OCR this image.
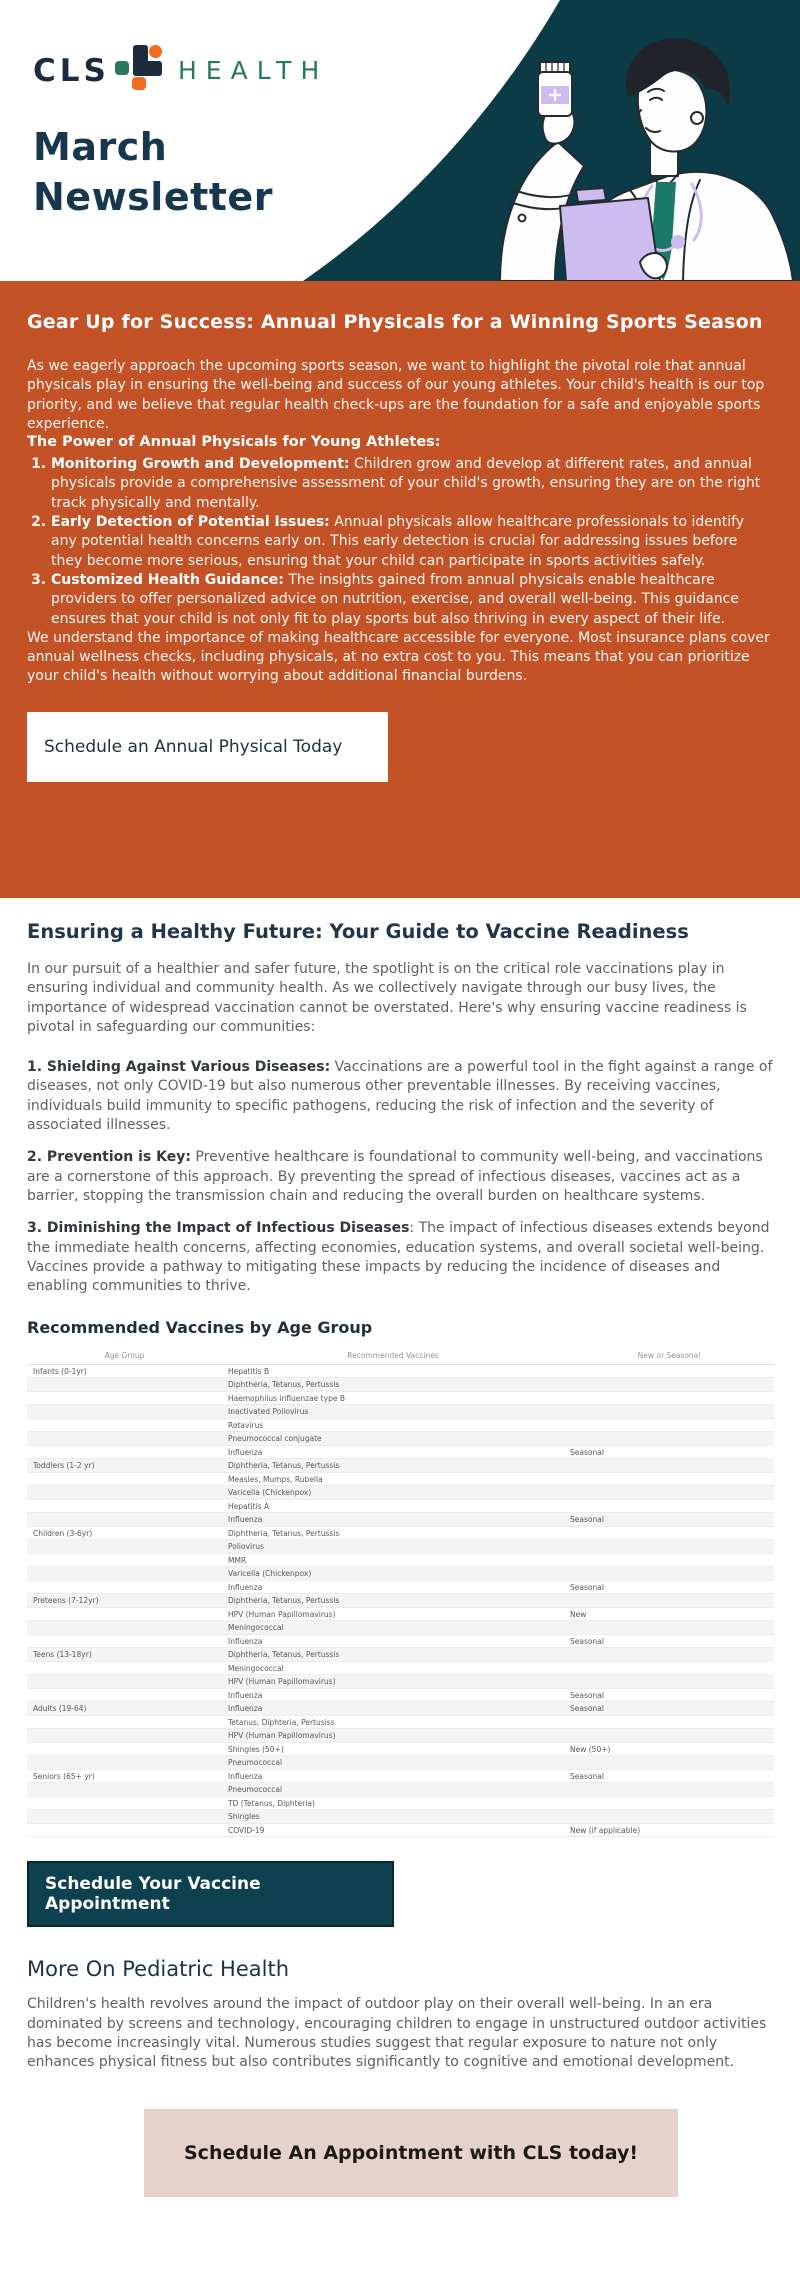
CLS	HEALTH
March
Newsletter
Gear Up for Success: Annual Physicals for a Winning Sports Season

As we eagerly approach the upcoming sports season, we want to highlight the pivotal role that annual physicals play in ensuring the well-being and success of our young athletes. Your child's health is our top priority, and we believe that regular health check-ups are the foundation for a safe and enjoyable sports experience.

The Power of Annual Physicals for Young Athletes:
1. Monitoring Growth and Development: Children grow and develop at different rates, and annual physicals provide a comprehensive assessment of your child's growth, ensuring they are on the right track physically and mentally.
2. Early Detection of Potential Issues: Annual physicals allow healthcare professionals to identify any potential health concerns early on. This early detection is crucial for addressing issues before they become more serious, ensuring that your child can participate in sports activities safely.
3. Customized Health Guidance: The insights gained from annual physicals enable healthcare providers to offer personalized advice on nutrition, exercise, and overall well-being. This guidance ensures that your child is not only fit to play sports but also thriving in every aspect of their life.

We understand the importance of making healthcare accessible for everyone. Most insurance plans cover annual wellness checks, including physicals, at no extra cost to you. This means that you can prioritize your child's health without worrying about additional financial burdens.

Schedule an Annual Physical Today
Ensuring a Healthy Future: Your Guide to Vaccine Readiness

In our pursuit of a healthier and safer future, the spotlight is on the critical role vaccinations play in ensuring individual and community health. As we collectively navigate through our busy lives, the importance of widespread vaccination cannot be overstated. Here's why ensuring vaccine readiness is pivotal in safeguarding our communities:

1. Shielding Against Various Diseases: Vaccinations are a powerful tool in the fight against a range of diseases, not only COVID-19 but also numerous other preventable illnesses. By receiving vaccines, individuals build immunity to specific pathogens, reducing the risk of infection and the severity of associated illnesses.

2. Prevention is Key: Preventive healthcare is foundational to community well-being, and vaccinations are a cornerstone of this approach. By preventing the spread of infectious diseases, vaccines act as a barrier, stopping the transmission chain and reducing the overall burden on healthcare systems.

3. Diminishing the Impact of Infectious Diseases: The impact of infectious diseases extends beyond the immediate health concerns, affecting economies, education systems, and overall societal well-being. Vaccines provide a pathway to mitigating these impacts by reducing the incidence of diseases and enabling communities to thrive.

Recommended Vaccines by Age Group
Age Group	Recommended Vaccines	New or Seasonal
Infants (0-1yr)	Hepatitis B	
	Diphtheria, Tetanus, Pertussis	
	Haemophilus influenzae type B	
	Inactivated Poliovirus	
	Rotavirus	
	Pneumococcal conjugate	
	Influenza	Seasonal
Toddlers (1-2 yr)	Diphtheria, Tetanus, Pertussis	
	Measles, Mumps, Rubella	
	Varicella (Chickenpox)	
	Hepatitis A	
	Influenza	Seasonal
Children (3-6yr)	Diphtheria, Tetanus, Pertussis	
	Poliovirus	
	MMR	
	Varicella (Chickenpox)	
	Influenza	Seasonal
Preteens (7-12yr)	Diphtheria, Tetanus, Pertussis	
	HPV (Human Papillomavirus)	New
	Meningococcal	
	Influenza	Seasonal
Teens (13-18yr)	Diphtheria, Tetanus, Pertussis	
	Meningococcal	
	HPV (Human Papillomavirus)	
	Influenza	Seasonal
Adults (19-64)	Influenza	Seasonal
	Tetanus, Diphteria, Pertusiss	
	HPV (Human Papillomavirus)	
	Shingles (50+)	New (50+)
	Pneumococcal	
Seniors (65+ yr)	Influenza	Seasonal
	Pneumococcal	
	TD (Tetanus, Diphteria)	
	Shingles	
	COVID-19	New (if applicable)
Schedule Your Vaccine Appointment
More On Pediatric Health

Children's health revolves around the impact of outdoor play on their overall well-being. In an era dominated by screens and technology, encouraging children to engage in unstructured outdoor activities has become increasingly vital. Numerous studies suggest that regular exposure to nature not only enhances physical fitness but also contributes significantly to cognitive and emotional development.

Schedule An Appointment with CLS today!
